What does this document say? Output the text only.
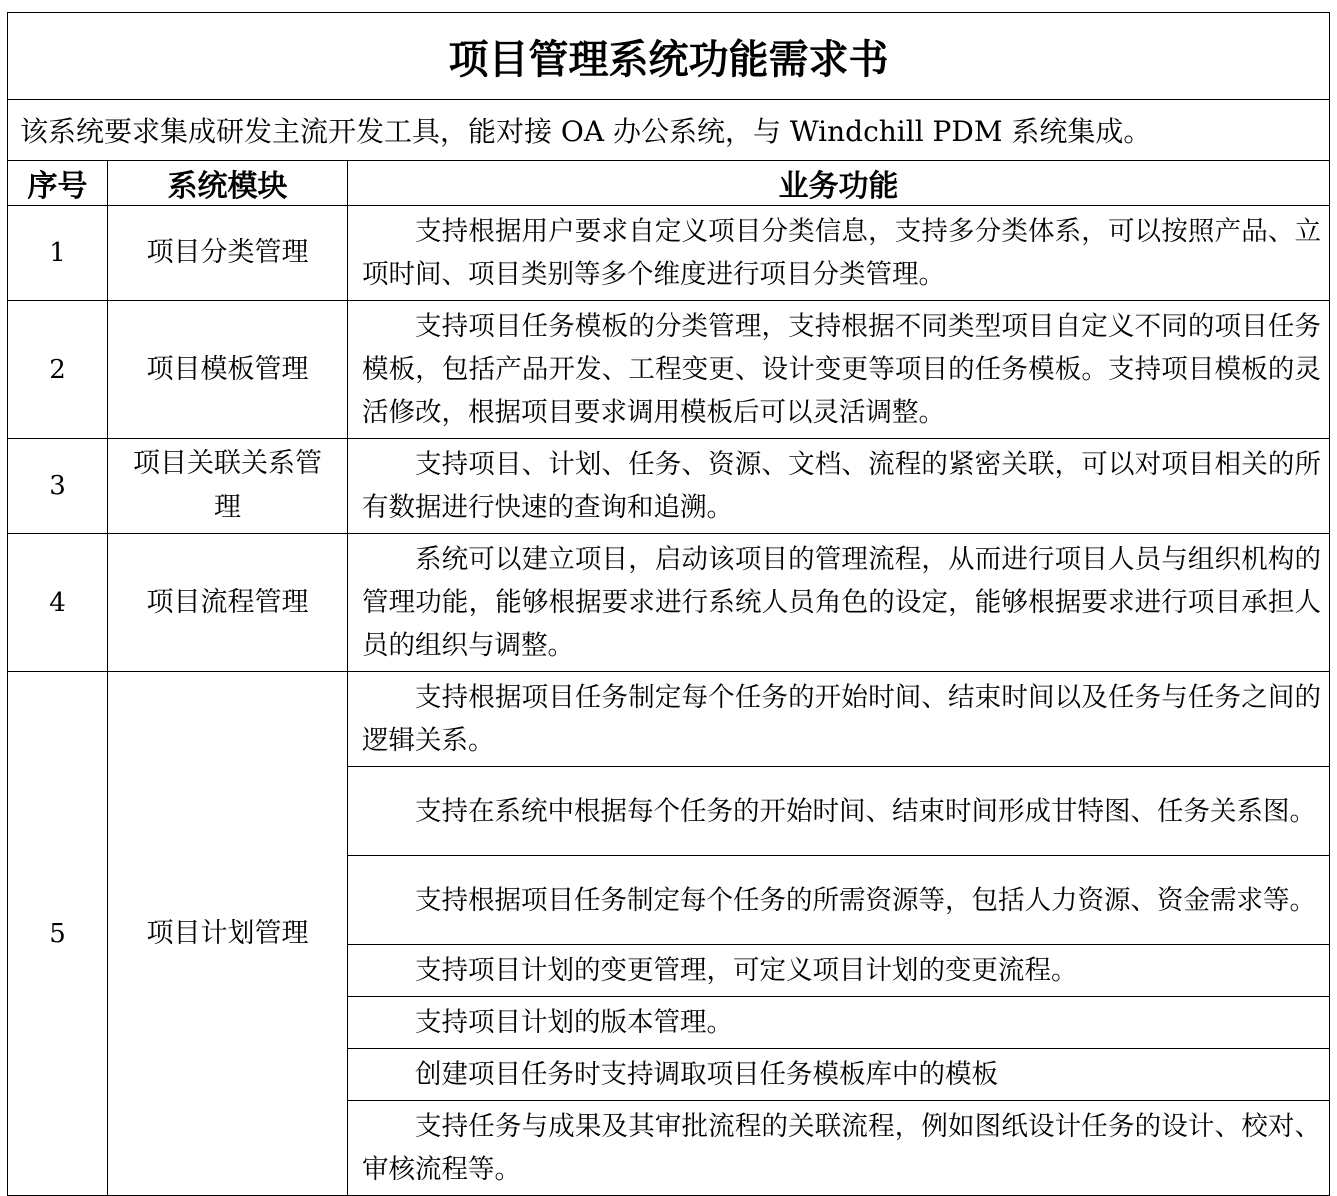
项目管理系统功能需求书		
该系统要求集成研发主流开发工具，能对接 OA 办公系统，与 Windchill PDM 系统集成。		
序号	系统模块	业务功能
1	项目分类管理	支持根据用户要求自定义项目分类信息，支持多分类体系，可以按照产品、立项时间、项目类别等多个维度进行项目分类管理。
2	项目模板管理	支持项目任务模板的分类管理，支持根据不同类型项目自定义不同的项目任务模板，包括产品开发、工程变更、设计变更等项目的任务模板。支持项目模板的灵活修改，根据项目要求调用模板后可以灵活调整。
3	项目关联关系管理	支持项目、计划、任务、资源、文档、流程的紧密关联，可以对项目相关的所有数据进行快速的查询和追溯。
4	项目流程管理	系统可以建立项目，启动该项目的管理流程，从而进行项目人员与组织机构的管理功能，能够根据要求进行系统人员角色的设定，能够根据要求进行项目承担人员的组织与调整。
5	项目计划管理	支持根据项目任务制定每个任务的开始时间、结束时间以及任务与任务之间的逻辑关系。
		支持在系统中根据每个任务的开始时间、结束时间形成甘特图、任务关系图。
		支持根据项目任务制定每个任务的所需资源等，包括人力资源、资金需求等。
		支持项目计划的变更管理，可定义项目计划的变更流程。
		支持项目计划的版本管理。
		创建项目任务时支持调取项目任务模板库中的模板
		支持任务与成果及其审批流程的关联流程，例如图纸设计任务的设计、校对、审核流程等。
